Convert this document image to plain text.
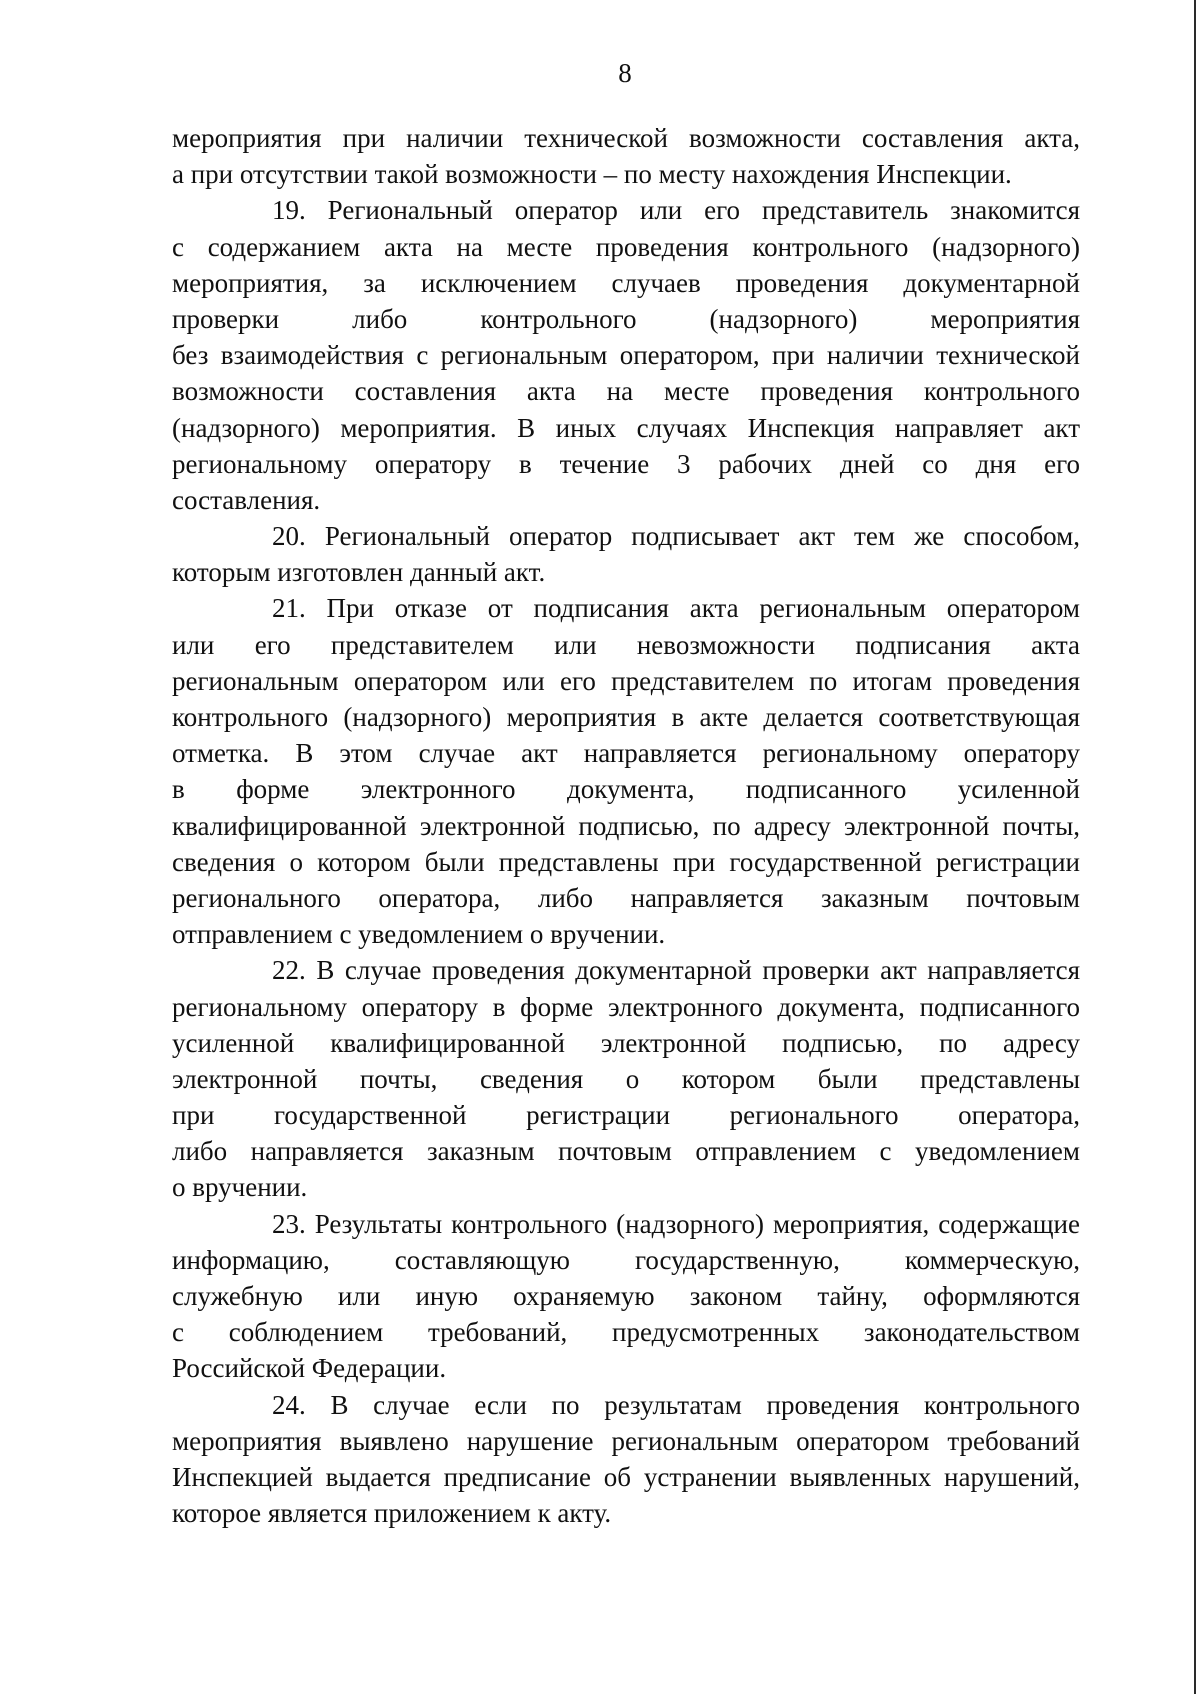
8
мероприятия при наличии технической возможности составления акта,
а при отсутствии такой возможности – по месту нахождения Инспекции.
19. Региональный оператор или его представитель знакомится
с содержанием акта на месте проведения контрольного (надзорного)
мероприятия, за исключением случаев проведения документарной
проверки либо контрольного (надзорного) мероприятия
без взаимодействия с региональным оператором, при наличии технической
возможности составления акта на месте проведения контрольного
(надзорного) мероприятия. В иных случаях Инспекция направляет акт
региональному оператору в течение 3 рабочих дней со дня его
составления.
20. Региональный оператор подписывает акт тем же способом,
которым изготовлен данный акт.
21. При отказе от подписания акта региональным оператором
или его представителем или невозможности подписания акта
региональным оператором или его представителем по итогам проведения
контрольного (надзорного) мероприятия в акте делается соответствующая
отметка. В этом случае акт направляется региональному оператору
в форме электронного документа, подписанного усиленной
квалифицированной электронной подписью, по адресу электронной почты,
сведения о котором были представлены при государственной регистрации
регионального оператора, либо направляется заказным почтовым
отправлением с уведомлением о вручении.
22. В случае проведения документарной проверки акт направляется
региональному оператору в форме электронного документа, подписанного
усиленной квалифицированной электронной подписью, по адресу
электронной почты, сведения о котором были представлены
при государственной регистрации регионального оператора,
либо направляется заказным почтовым отправлением с уведомлением
о вручении.
23. Результаты контрольного (надзорного) мероприятия, содержащие
информацию, составляющую государственную, коммерческую,
служебную или иную охраняемую законом тайну, оформляются
с соблюдением требований, предусмотренных законодательством
Российской Федерации.
24. В случае если по результатам проведения контрольного
мероприятия выявлено нарушение региональным оператором требований
Инспекцией выдается предписание об устранении выявленных нарушений,
которое является приложением к акту.
